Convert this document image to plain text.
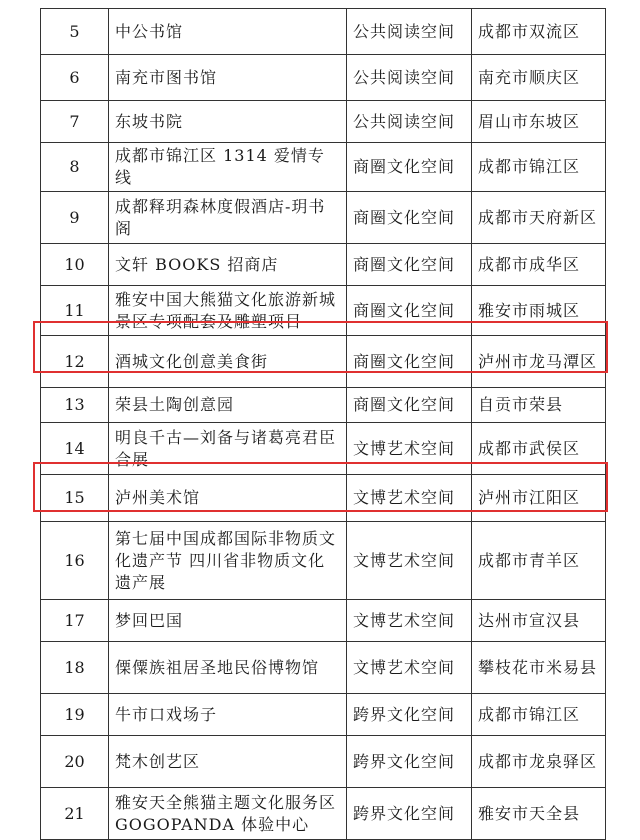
5	中公书馆	公共阅读空间	成都市双流区
6	南充市图书馆	公共阅读空间	南充市顺庆区
7	东坡书院	公共阅读空间	眉山市东坡区
8	成都市锦江区 1314 爱情专线	商圈文化空间	成都市锦江区
9	成都释玥森林度假酒店-玥书阁	商圈文化空间	成都市天府新区
10	文轩 BOOKS 招商店	商圈文化空间	成都市成华区
11	雅安中国大熊猫文化旅游新城景区专项配套及雕塑项目	商圈文化空间	雅安市雨城区
12	酒城文化创意美食街	商圈文化空间	泸州市龙马潭区
13	荣县土陶创意园	商圈文化空间	自贡市荣县
14	明良千古—刘备与诸葛亮君臣合展	文博艺术空间	成都市武侯区
15	泸州美术馆	文博艺术空间	泸州市江阳区
16	第七届中国成都国际非物质文化遗产节 四川省非物质文化遗产展	文博艺术空间	成都市青羊区
17	梦回巴国	文博艺术空间	达州市宣汉县
18	傈僳族祖居圣地民俗博物馆	文博艺术空间	攀枝花市米易县
19	牛市口戏场子	跨界文化空间	成都市锦江区
20	梵木创艺区	跨界文化空间	成都市龙泉驿区
21	雅安天全熊猫主题文化服务区 GOGOPANDA 体验中心	跨界文化空间	雅安市天全县
